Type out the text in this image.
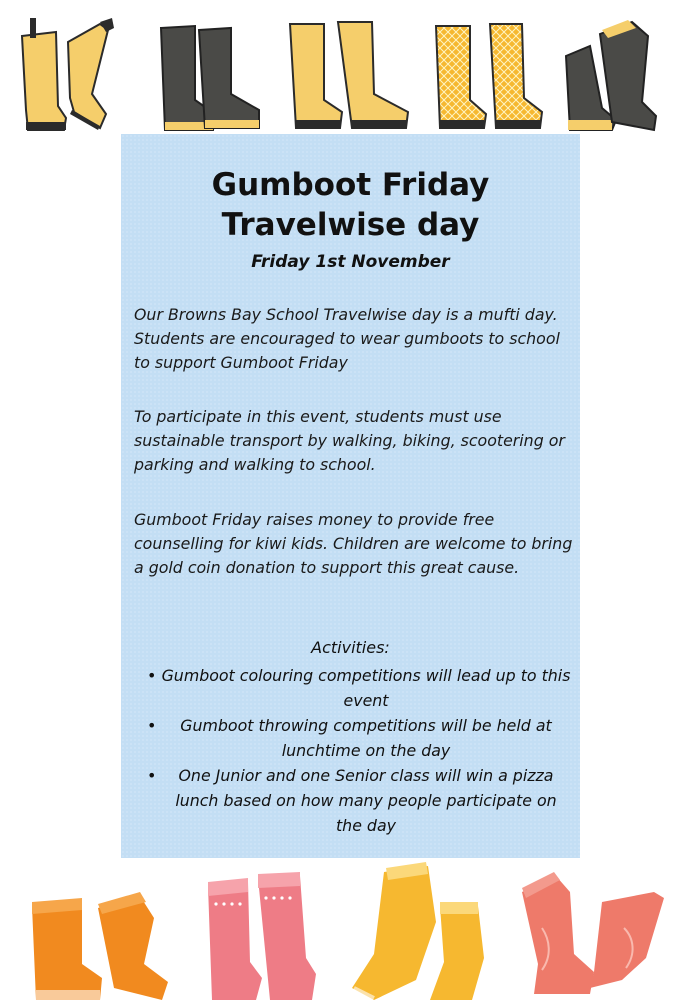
Gumboot Friday
Travelwise day
Friday 1st November

Our Browns Bay School Travelwise day is a mufti day. Students are encouraged to wear gumboots to school to support Gumboot Friday

To participate in this event, students must use sustainable transport by walking, biking, scootering or parking and walking to school.

Gumboot Friday raises money to provide free counselling for kiwi kids. Children are welcome to bring a gold coin donation to support this great cause.

Activities:
• Gumboot colouring competitions will lead up to this event
• Gumboot throwing competitions will be held at lunchtime on the day
• One Junior and one Senior class will win a pizza lunch based on how many people participate on the day
